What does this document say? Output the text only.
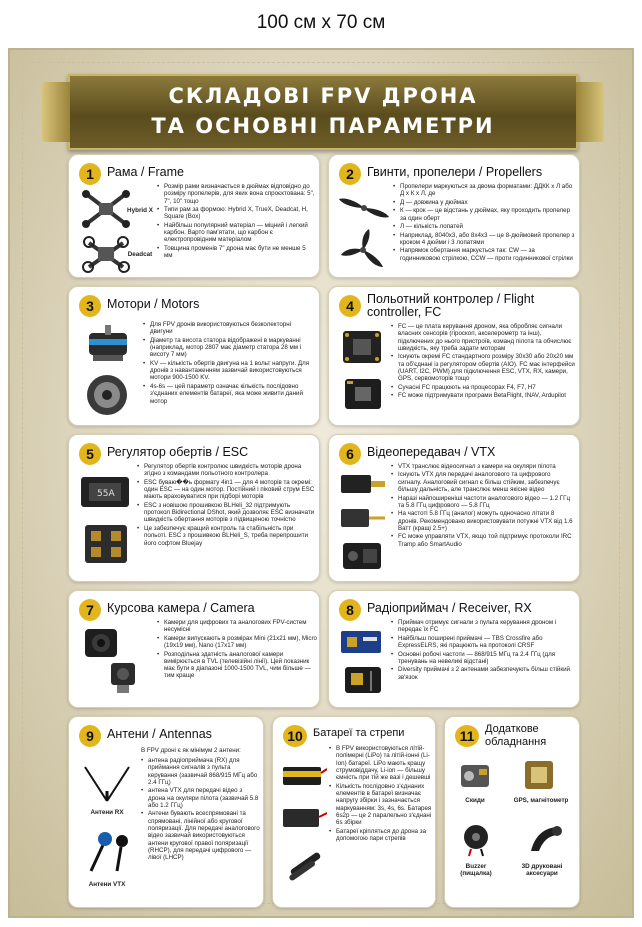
100 см х 70 см
СКЛАДОВІ FPV ДРОНА
ТА ОСНОВНІ ПАРАМЕТРИ
1	Рама / Frame
Hybrid X
Deadcat
• Розмір рами визначається в дюймах відповідно до розміру пропелерів, для яких вона спроєктована: 5", 7", 10" тощо
• Типи рам за формою: Hybrid X, TrueX, Deadcat, H, Square (Box)
• Найбільш популярний матеріал — міцний і легкий карбон. Варто пам'ятати, що карбон є електропровідним матеріалом
• Товщина променів 7" дрона має бути не менше 5 мм
2	Гвинти, пропелери / Propellers
• Пропелери маркуються за двома форматами: ДДКК х Л або Д х К х Л, де
• Д — довжина у дюймах
• К — крок — це відстань у дюймах, яку проходить пропелер за один оберт
• Л — кількість лопатей
• Наприклад, 8040х3, або 8х4х3 — це 8-дюймовий пропелер з кроком 4 дюйми і 3 лопатями
• Напрямок обертання маркується так: CW — за годинниковою стрілкою, CCW — проти годинникової стрілки
3	Мотори / Motors
• Для FPV дронів використовуються безколекторні двигуни
• Діаметр та висота статора відображені в маркуванні (наприклад, мотор 2807 має діаметр статора 28 мм і висоту 7 мм)
• KV — кількість обертів двигуна на 1 вольт напруги. Для дронів з навантаженням зазвичай використовуються мотори 900-1500 KV.
• 4s-6s — цей параметр означає кількість послідовно з'єднаних елементів батареї, яка може живити даний мотор
4	Польотний контролер / Flight controller, FC
• FC — це плата керування дроном, яка обробляє сигнали власних сенсорів (гіроскоп, акселерометр та інш), підключених до нього пристроїв, команд пілота та обчислює швидкість, яку треба задати моторам
• Існують окремі FC стандартного розміру 30х30 або 20х20 мм та об'єднані із регулятором обертів (AIO). FC має інтерфейси (UART, I2C, PWM) для підключення ESC, VTX, RX, камери, GPS, сервомоторів тощо
• Сучасні FC працюють на процесорах F4, F7, H7
• FC може підтримувати програми BetaFlight, INAV, Ardupilot
5	Регулятор обертів / ESC
55A
• Регулятор обертів контролює швидкість моторів дрона згідно з командами польотного контролера
• ESC буваю��ь формату 4in1 — для 4 моторів та окремі: один ESC — на один мотор. Постійний і піковий струм ESC мають враховуватися при підборі моторів
• ESC з новішою прошивкою BLHeli_32 підтримують протокол Bidirectional DShot, який дозволяє ESC визначати швидкість обертання моторів з підвищеною точністю
• Це забезпечує кращий контроль та стабільність при польоті. ESC з прошивкою BLHeli_S, треба перепрошити його софтом Bluejay
6	Відеопередавач / VTX
• VTX транслює відеосигнал з камери на окуляри пілота
• Існують VTX для передачі аналогового та цифрового сигналу. Аналоговий сигнал є більш стійким, забезпечує більшу дальність, але транслює менш якісне відео
• Наразі найпоширеніші частоти аналогового відео — 1.2 ГГц та 5.8 ГГц цифрового — 5.8 ГГц
• На частоті 5.8 ГГц (аналог) можуть одночасно літати 8 дронів. Рекомендовано використовувати потужні VTX від 1.6 Ватт (кращі 2.5+)
• FC може управляти VTX, якщо той підтримує протоколи IRC Tramp або SmartAudio
7	Курсова камера / Camera
• Камери для цифрових та аналогових FPV-систем несумісні
• Камери випускають в розмірах Mini (21х21 мм), Micro (19х19 мм), Nano (17х17 мм)
• Розподільна здатність аналогової камери вимірюється в TVL (телевізійні лінії). Цей показник має бути в діапазоні 1000-1500 TVL, чим більше — тим краще
8	Радіоприймач / Receiver, RX
• Приймач отримує сигнали з пульта керування дроном і передає їх FC
• Найбільш поширені приймачі — TBS Crossfire або ExpressELRS, які працюють на протоколі CRSF
• Основні робочі частоти — 868/915 МГц та 2.4 ГГц (для тренувань на невеликі відстані)
• Diversity приймачі з 2 антенами забезпечують більш стійкий зв'язок
9	Антени / Antennas
Антени RX
Антени VTX
В FPV дроні є як мінімум 2 антени:
• антена радіоприймача (RX) для приймання сигналів з пульта керування (зазвичай 868/915 МГц або 2.4 ГГц)
• антена VTX для передачі відео з дрона на окуляри пілота (зазвичай 5.8 або 1.2 ГГц)
• Антени бувають всеспрямовані та спрямовані, лінійної або кругової поляризації. Для передачі аналогового відео зазвичай використовуються антени кругової правої поляризації (RHCP), для передачі цифрового — лівої (LHCP)
10 Батареї та стрепи
• В FPV використовуються літій-полімерні (LiPo) та літій-іонні (Li-Ion) батареї. LiPo мають кращу струмовіддачу, Li-ion — більшу ємність при тій же вазі і дешевші
• Кількість послідовно з'єднаних елементів в батареї визначає напругу збірки і зазначається маркуванням: 3s, 4s, 6s. Батарея 6s2p — це 2 паралельно з'єднані 6s збірки
• Батареї кріпляться до дрона за допомогою пари стрепів
11 Додаткове обладнання
Скиди	GPS, магнітометр
Buzzer (пищалка)
3D друковані аксесуари
